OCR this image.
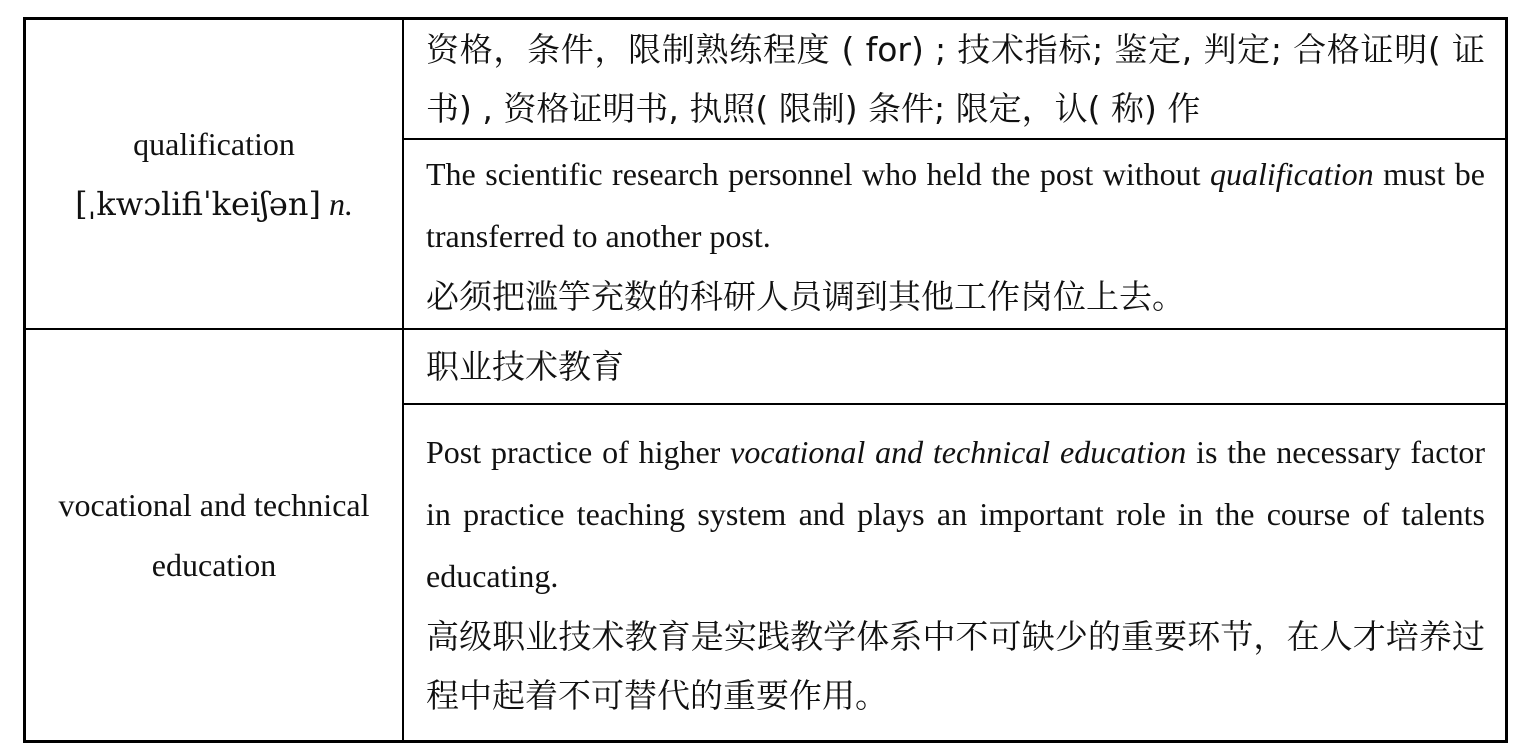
qualification
[ˌkwɔlifiˈkeiʃən] n.	资格，条件，限制熟练程度 ( for) ; 技术指标; 鉴定, 判定; 合格证明( 证书) , 资格证明书, 执照( 限制) 条件; 限定，认( 称) 作

	The scientific research personnel who held the post without qualification must be transferred to another post.
必须把滥竽充数的科研人员调到其他工作岗位上去。

vocational and technical
education	职业技术教育

	Post practice of higher vocational and technical education is the necessary factor in practice teaching system and plays an important role in the course of talents educating.
高级职业技术教育是实践教学体系中不可缺少的重要环节，在人才培养过程中起着不可替代的重要作用。
